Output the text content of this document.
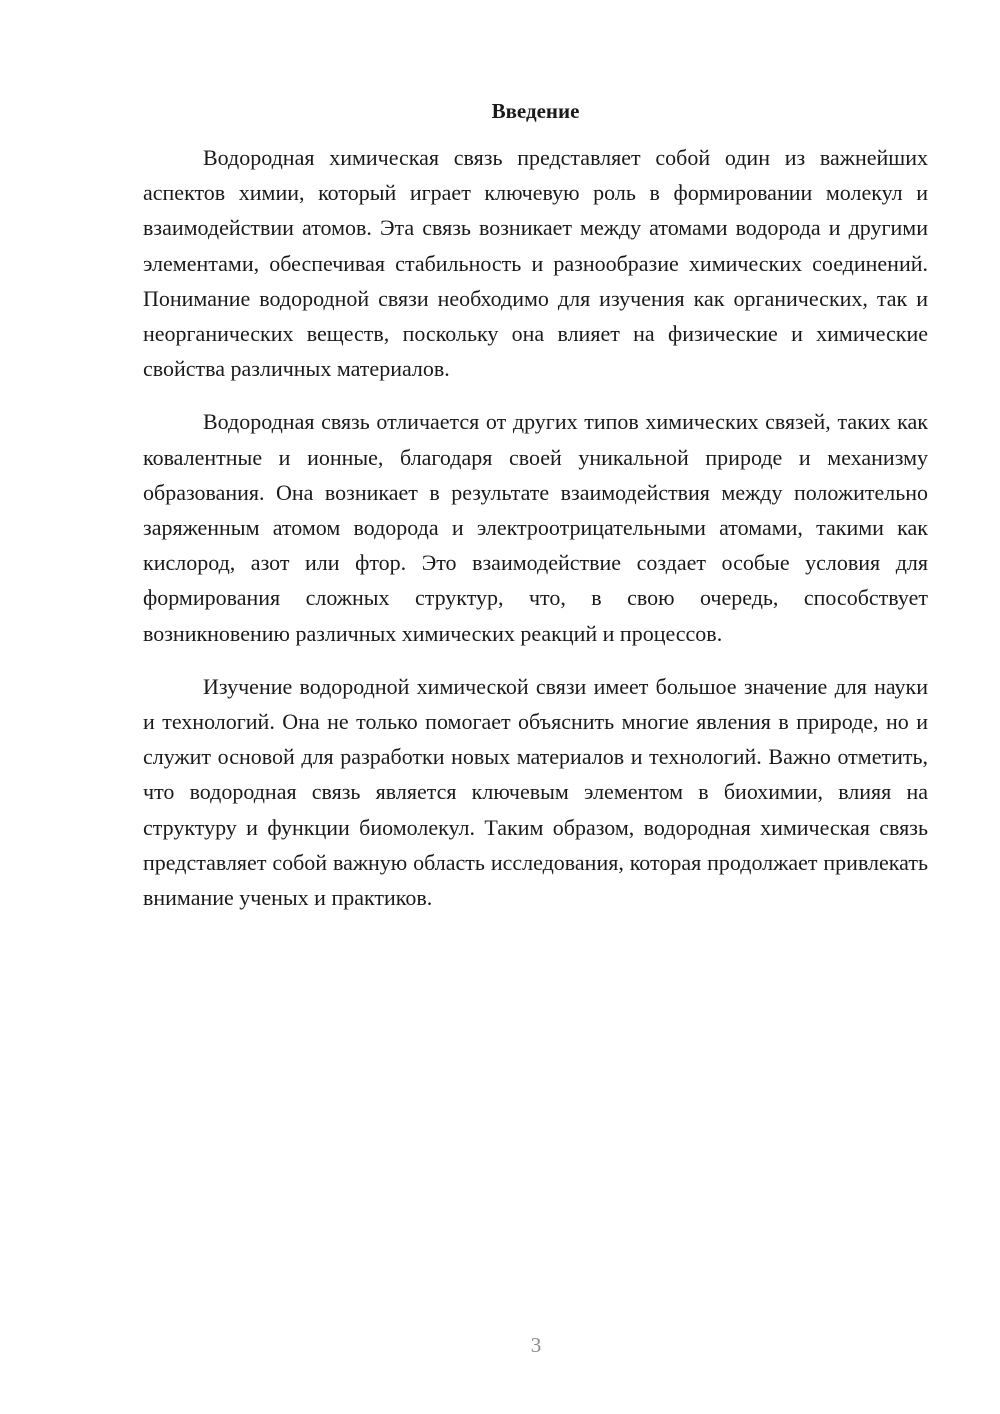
Введение

Водородная химическая связь представляет собой один из важнейших аспектов химии, который играет ключевую роль в формировании молекул и взаимодействии атомов. Эта связь возникает между атомами водорода и другими элементами, обеспечивая стабильность и разнообразие химических соединений. Понимание водородной связи необходимо для изучения как органических, так и неорганических веществ, поскольку она влияет на физические и химические свойства различных материалов.

Водородная связь отличается от других типов химических связей, таких как ковалентные и ионные, благодаря своей уникальной природе и механизму образования. Она возникает в результате взаимодействия между положительно заряженным атомом водорода и электроотрицательными атомами, такими как кислород, азот или фтор. Это взаимодействие создает особые условия для формирования сложных структур, что, в свою очередь, способствует возникновению различных химических реакций и процессов.

Изучение водородной химической связи имеет большое значение для науки и технологий. Она не только помогает объяснить многие явления в природе, но и служит основой для разработки новых материалов и технологий. Важно отметить, что водородная связь является ключевым элементом в биохимии, влияя на структуру и функции биомолекул. Таким образом, водородная химическая связь представляет собой важную область исследования, которая продолжает привлекать внимание ученых и практиков.

3
